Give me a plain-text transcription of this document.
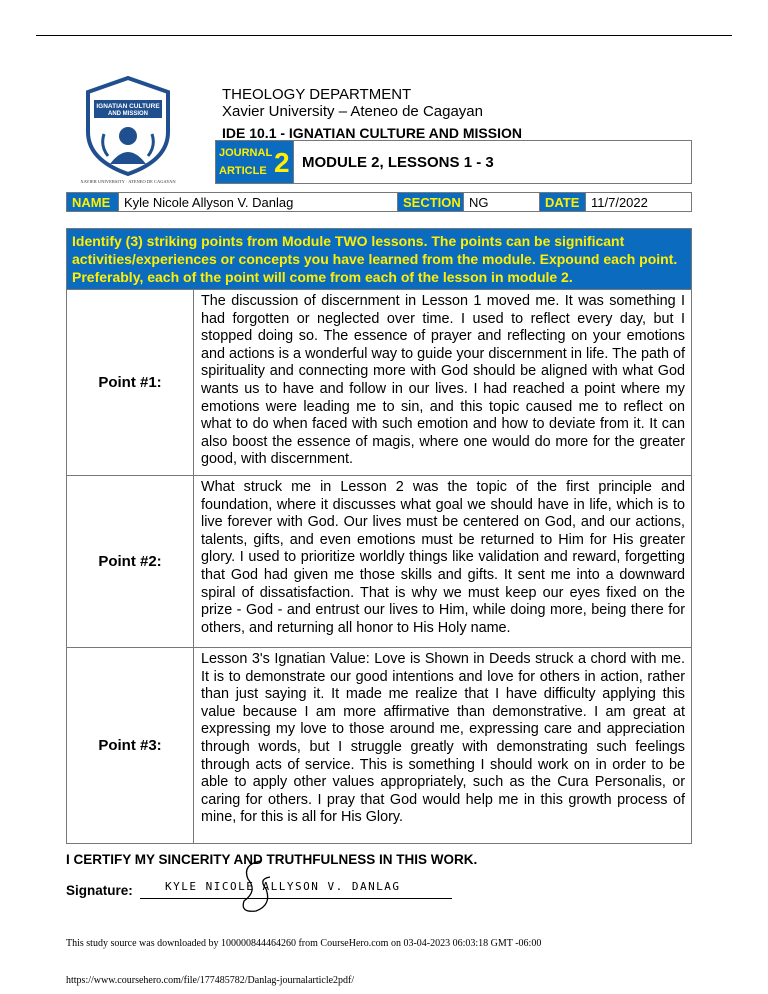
IGNATIAN CULTURE
AND MISSION
XAVIER UNIVERSITY · ATENEO DE CAGAYAN
THEOLOGY DEPARTMENT
Xavier University – Ateneo de Cagayan
IDE 10.1 - IGNATIAN CULTURE AND MISSION
JOURNAL
ARTICLE 2 MODULE 2, LESSONS 1 - 3
NAME	Kyle Nicole Allyson V. Danlag	SECTION NG	DATE 11/7/2022
Identify (3) striking points from Module TWO lessons. The points can be significant activities/experiences or concepts you have learned from the module. Expound each point. Preferably, each of the point will come from each of the lesson in module 2.
Point #1:
The discussion of discernment in Lesson 1 moved me. It was something I had forgotten or neglected over time. I used to reflect every day, but I stopped doing so. The essence of prayer and reflecting on your emotions and actions is a wonderful way to guide your discernment in life. The path of spirituality and connecting more with God should be aligned with what God wants us to have and follow in our lives. I had reached a point where my emotions were leading me to sin, and this topic caused me to reflect on what to do when faced with such emotion and how to deviate from it. It can also boost the essence of magis, where one would do more for the greater good, with discernment.
Point #2:
What struck me in Lesson 2 was the topic of the first principle and foundation, where it discusses what goal we should have in life, which is to live forever with God. Our lives must be centered on God, and our actions, talents, gifts, and even emotions must be returned to Him for His greater glory. I used to prioritize worldly things like validation and reward, forgetting that God had given me those skills and gifts. It sent me into a downward spiral of dissatisfaction. That is why we must keep our eyes fixed on the prize - God - and entrust our lives to Him, while doing more, being there for others, and returning all honor to His Holy name.
Point #3:
Lesson 3's Ignatian Value: Love is Shown in Deeds struck a chord with me. It is to demonstrate our good intentions and love for others in action, rather than just saying it. It made me realize that I have difficulty applying this value because I am more affirmative than demonstrative. I am great at expressing my love to those around me, expressing care and appreciation through words, but I struggle greatly with demonstrating such feelings through acts of service. This is something I should work on in order to be able to apply other values appropriately, such as the Cura Personalis, or caring for others. I pray that God would help me in this growth process of mine, for this is all for His Glory.
I CERTIFY MY SINCERITY AND TRUTHFULNESS IN THIS WORK.
Signature:	KYLE NICOLE ALLYSON V. DANLAG
This study source was downloaded by 100000844464260 from CourseHero.com on 03-04-2023 06:03:18 GMT -06:00
https://www.coursehero.com/file/177485782/Danlag-journalarticle2pdf/
